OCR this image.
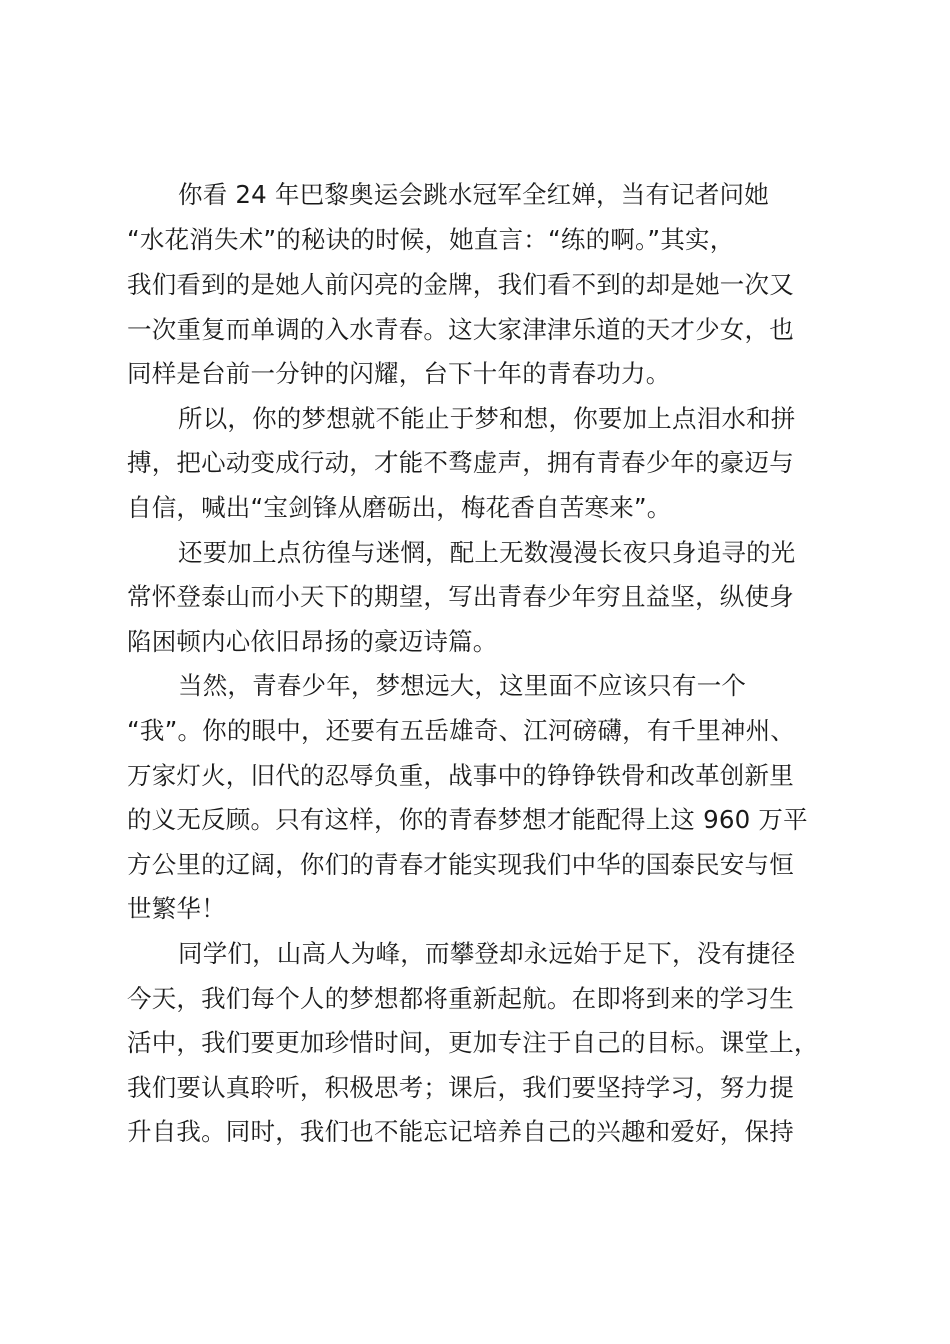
你看 24 年巴黎奥运会跳水冠军全红婵，当有记者问她
“水花消失术”的秘诀的时候，她直言：“练的啊。”其实，
我们看到的是她人前闪亮的金牌，我们看不到的却是她一次又
一次重复而单调的入水青春。这大家津津乐道的天才少女，也
同样是台前一分钟的闪耀，台下十年的青春功力。
所以，你的梦想就不能止于梦和想，你要加上点泪水和拼
搏，把心动变成行动，才能不骛虚声，拥有青春少年的豪迈与
自信，喊出“宝剑锋从磨砺出，梅花香自苦寒来”。
还要加上点彷徨与迷惘，配上无数漫漫长夜只身追寻的光
常怀登泰山而小天下的期望，写出青春少年穷且益坚，纵使身
陷困顿内心依旧昂扬的豪迈诗篇。
当然，青春少年，梦想远大，这里面不应该只有一个
“我”。你的眼中，还要有五岳雄奇、江河磅礴，有千里神州、
万家灯火，旧代的忍辱负重，战事中的铮铮铁骨和改革创新里
的义无反顾。只有这样，你的青春梦想才能配得上这 960 万平
方公里的辽阔，你们的青春才能实现我们中华的国泰民安与恒
世繁华！
同学们，山高人为峰，而攀登却永远始于足下，没有捷径
今天，我们每个人的梦想都将重新起航。在即将到来的学习生
活中，我们要更加珍惜时间，更加专注于自己的目标。课堂上，
我们要认真聆听，积极思考；课后，我们要坚持学习，努力提
升自我。同时，我们也不能忘记培养自己的兴趣和爱好，保持
